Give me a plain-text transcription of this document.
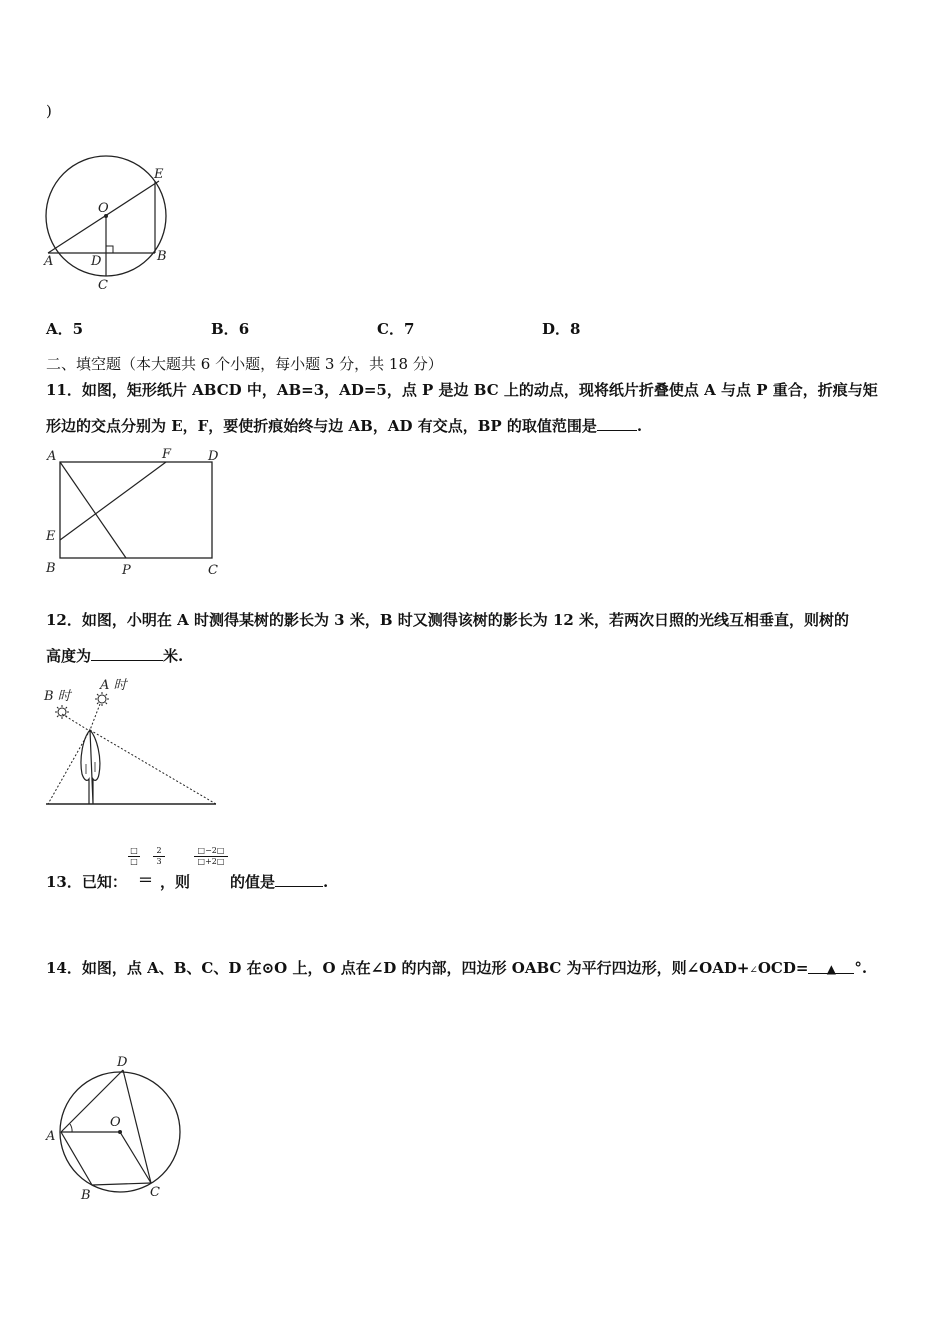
)
O
E
A	D	B
C
A．5	B．6	C．7	D．8
二、填空题（本大题共 6 个小题，每小题 3 分，共 18 分）
11．如图，矩形纸片 ABCD 中，AB=3，AD=5，点 P 是边 BC 上的动点，现将纸片折叠使点 A 与点 P 重合，折痕与矩
形边的交点分别为 E，F，要使折痕始终与边 AB，AD 有交点，BP 的取值范围是	.
A	F	D
E
B	P	C
12．如图，小明在 A 时测得某树的影长为 3 米，B 时又测得该树的影长为 12 米，若两次日照的光线互相垂直，则树的
高度为	米.
B 时
A 时
□
□ $\frac{2}{3}$	$\frac{□-2□}{□+2□}$
13．已知： ＝ ，则	的值是	.
14．如图，点 A、B、C、D 在⊙O 上，O 点在∠D 的内部，四边形 OABC 为平行四边形，则∠OAD+∠OCD= ▲ °.
D
O
A
B	C
